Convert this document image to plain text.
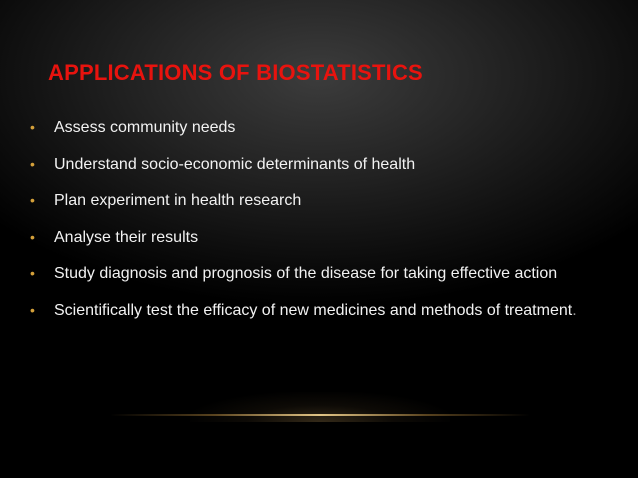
APPLICATIONS OF BIOSTATISTICS
• Assess community needs
• Understand socio-economic determinants of health
• Plan experiment in health research
• Analyse their results
• Study diagnosis and prognosis of the disease for taking effective action
• Scientifically test the efficacy of new medicines and methods of treatment.
